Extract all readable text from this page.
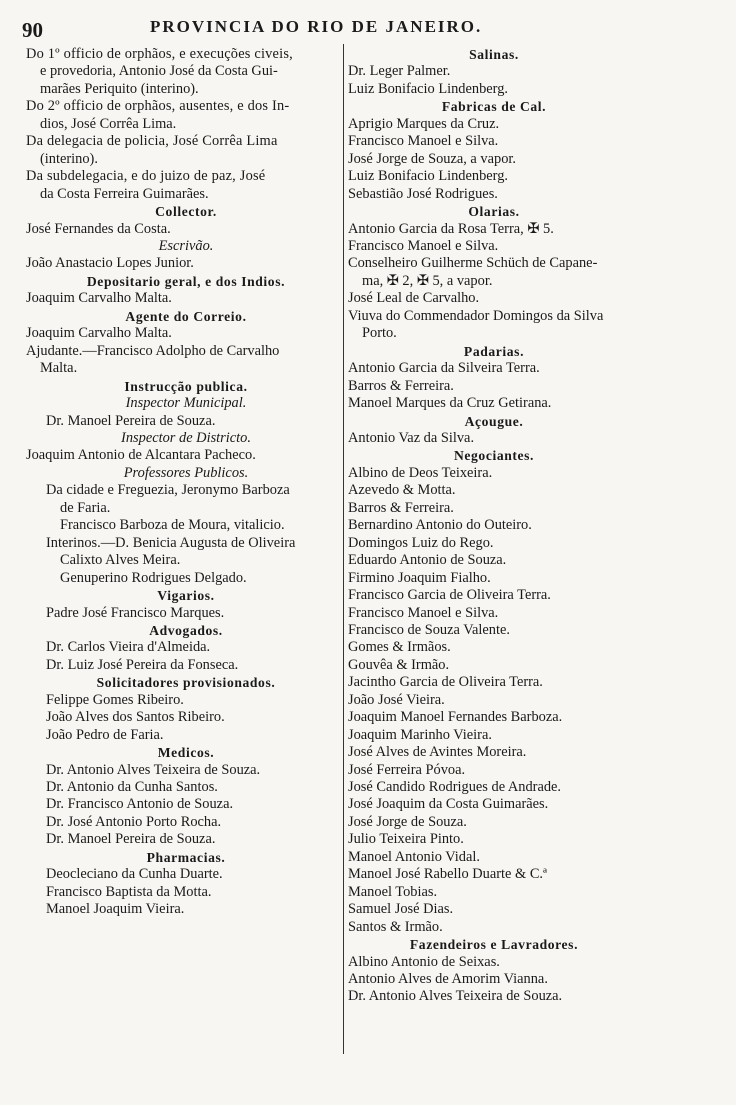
90	PROVINCIA DO RIO DE JANEIRO.
Do 1º officio de orphãos, e execuções civeis,
e provedoria, Antonio José da Costa Gui-
marães Periquito (interino).
Do 2º officio de orphãos, ausentes, e dos In-
dios, José Corrêa Lima.
Da delegacia de policia, José Corrêa Lima
(interino).
Da subdelegacia, e do juizo de paz, José
da Costa Ferreira Guimarães.
Collector.
José Fernandes da Costa.
Escrivão.
João Anastacio Lopes Junior.
Depositario geral, e dos Indios.
Joaquim Carvalho Malta.
Agente do Correio.
Joaquim Carvalho Malta.
Ajudante.—Francisco Adolpho de Carvalho
Malta.
Instrucção publica.
Inspector Municipal.
Dr. Manoel Pereira de Souza.
Inspector de Districto.
Joaquim Antonio de Alcantara Pacheco.
Professores Publicos.
Da cidade e Freguezia, Jeronymo Barboza
de Faria.
Francisco Barboza de Moura, vitalicio.
Interinos.—D. Benicia Augusta de Oliveira
Calixto Alves Meira.
Genuperino Rodrigues Delgado.
Vigarios.
Padre José Francisco Marques.
Advogados.
Dr. Carlos Vieira d'Almeida.
Dr. Luiz José Pereira da Fonseca.
Solicitadores provisionados.
Felippe Gomes Ribeiro.
João Alves dos Santos Ribeiro.
João Pedro de Faria.
Medicos.
Dr. Antonio Alves Teixeira de Souza.
Dr. Antonio da Cunha Santos.
Dr. Francisco Antonio de Souza.
Dr. José Antonio Porto Rocha.
Dr. Manoel Pereira de Souza.
Pharmacias.
Deocleciano da Cunha Duarte.
Francisco Baptista da Motta.
Manoel Joaquim Vieira.
Salinas.
Dr. Leger Palmer.
Luiz Bonifacio Lindenberg.
Fabricas de Cal.
Aprigio Marques da Cruz.
Francisco Manoel e Silva.
José Jorge de Souza, a vapor.
Luiz Bonifacio Lindenberg.
Sebastião José Rodrigues.
Olarias.
Antonio Garcia da Rosa Terra, ✠ 5.
Francisco Manoel e Silva.
Conselheiro Guilherme Schüch de Capane-
ma, ✠ 2, ✠ 5, a vapor.
José Leal de Carvalho.
Viuva do Commendador Domingos da Silva
Porto.
Padarias.
Antonio Garcia da Silveira Terra.
Barros & Ferreira.
Manoel Marques da Cruz Getirana.
Açougue.
Antonio Vaz da Silva.
Negociantes.
Albino de Deos Teixeira.
Azevedo & Motta.
Barros & Ferreira.
Bernardino Antonio do Outeiro.
Domingos Luiz do Rego.
Eduardo Antonio de Souza.
Firmino Joaquim Fialho.
Francisco Garcia de Oliveira Terra.
Francisco Manoel e Silva.
Francisco de Souza Valente.
Gomes & Irmãos.
Gouvêa & Irmão.
Jacintho Garcia de Oliveira Terra.
João José Vieira.
Joaquim Manoel Fernandes Barboza.
Joaquim Marinho Vieira.
José Alves de Avintes Moreira.
José Ferreira Póvoa.
José Candido Rodrigues de Andrade.
José Joaquim da Costa Guimarães.
José Jorge de Souza.
Julio Teixeira Pinto.
Manoel Antonio Vidal.
Manoel José Rabello Duarte & C.ª
Manoel Tobias.
Samuel José Dias.
Santos & Irmão.
Fazendeiros e Lavradores.
Albino Antonio de Seixas.
Antonio Alves de Amorim Vianna.
Dr. Antonio Alves Teixeira de Souza.
